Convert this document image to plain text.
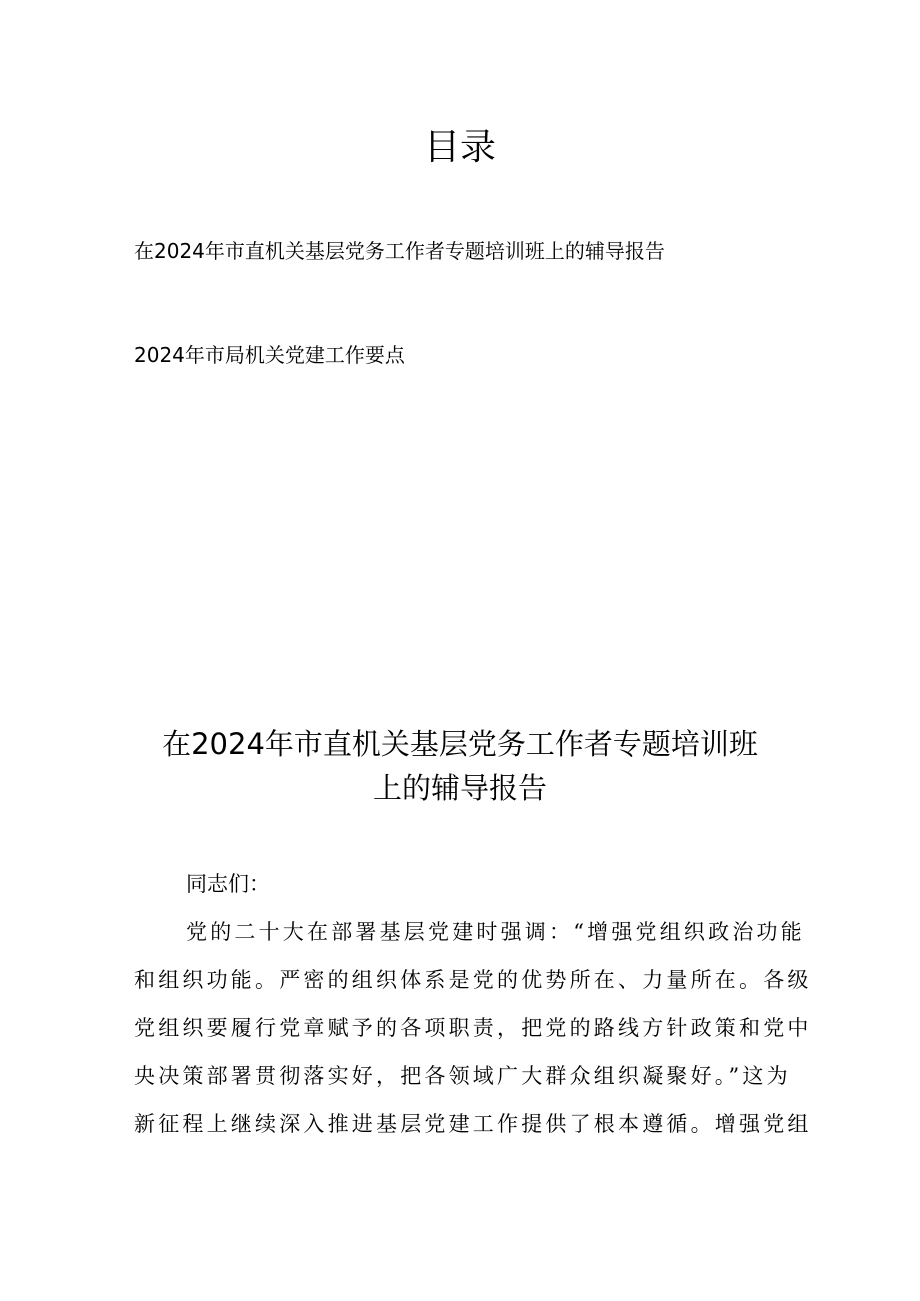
目录
在2024年市直机关基层党务工作者专题培训班上的辅导报告
2024年市局机关党建工作要点
在2024年市直机关基层党务工作者专题培训班
上的辅导报告
同志们：
党的二十大在部署基层党建时强调：“增强党组织政治功能
和组织功能。严密的组织体系是党的优势所在、力量所在。各级
党组织要履行党章赋予的各项职责，把党的路线方针政策和党中
央决策部署贯彻落实好，把各领域广大群众组织凝聚好。”这为
新征程上继续深入推进基层党建工作提供了根本遵循。增强党组
